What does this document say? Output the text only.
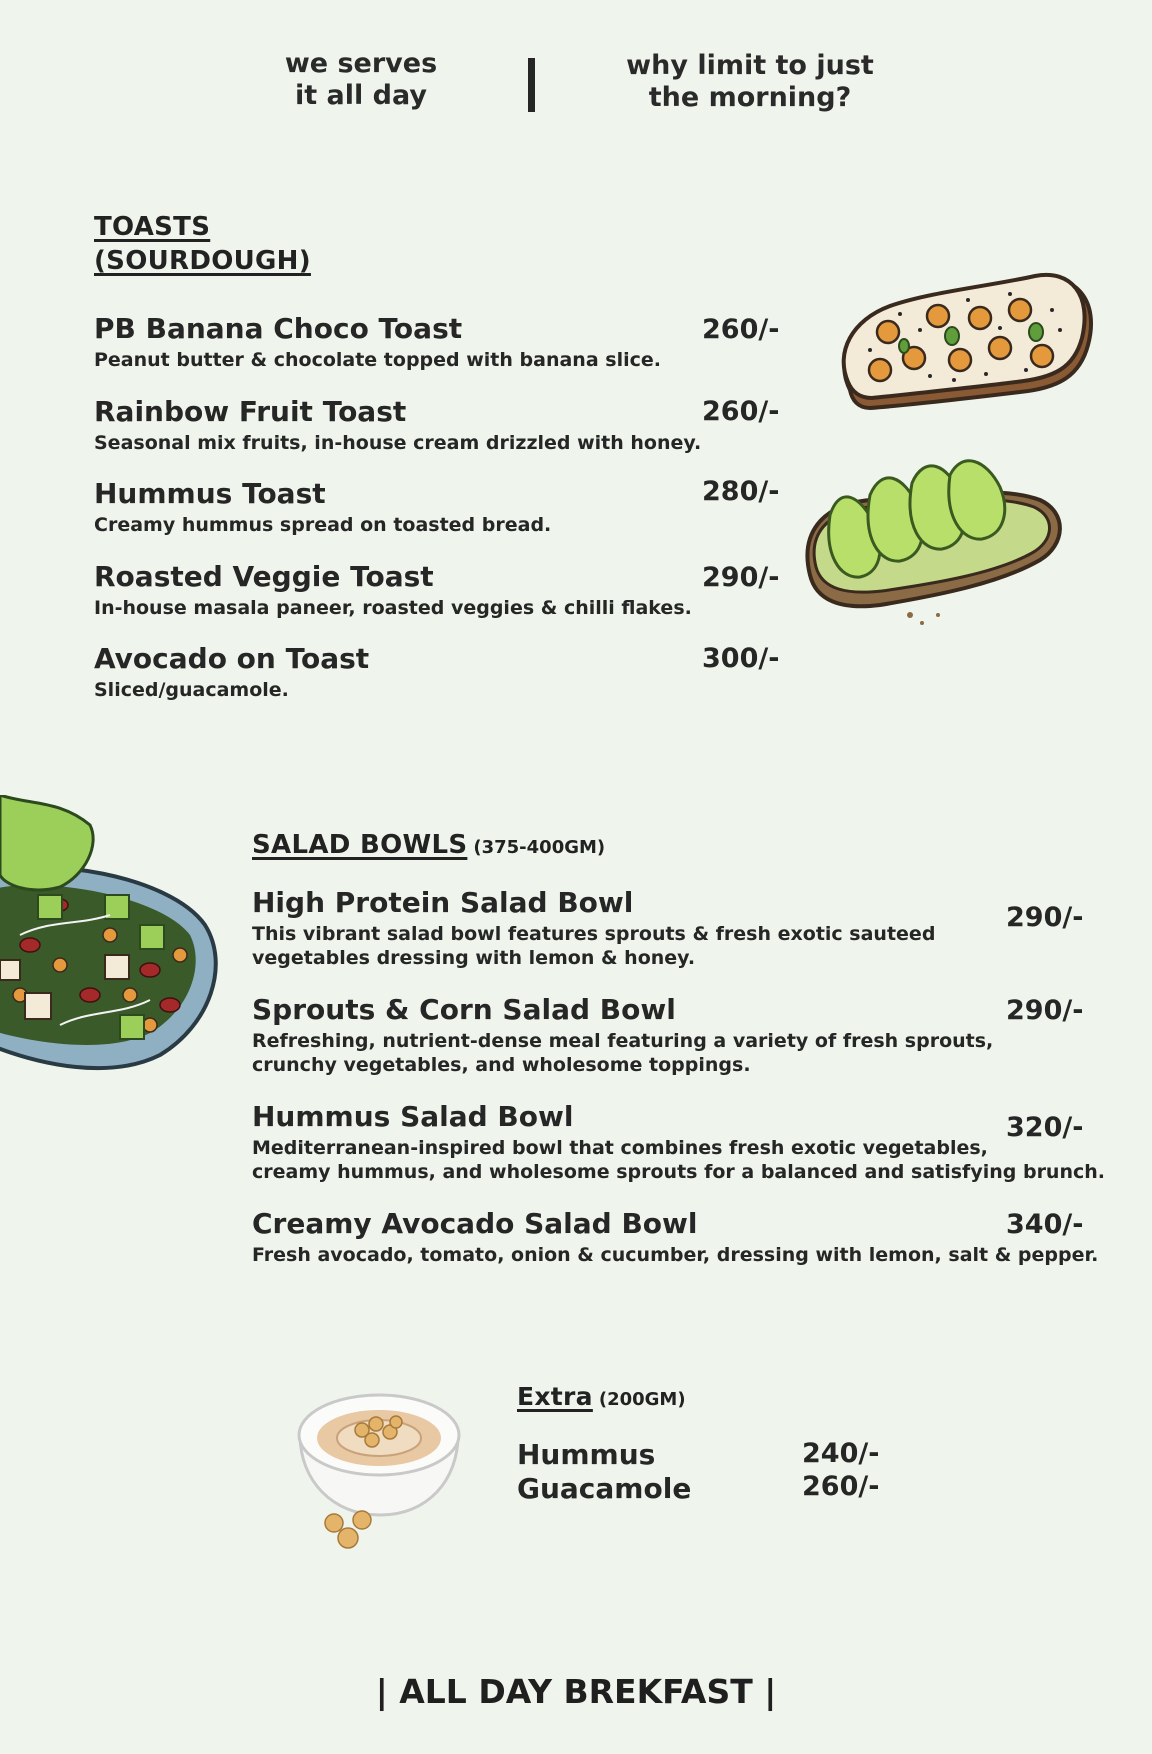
we serves
it all day
why limit to just
the morning?
TOASTS
(SOURDOUGH)
PB Banana Choco Toast
Peanut butter & chocolate topped with banana slice.
260/-
Rainbow Fruit Toast
Seasonal mix fruits, in-house cream drizzled with honey.
260/-
Hummus Toast
Creamy hummus spread on toasted bread.
280/-
Roasted Veggie Toast
In-house masala paneer, roasted veggies & chilli flakes.
290/-
Avocado on Toast
Sliced/guacamole.
300/-
SALAD BOWLS (375-400GM)
High Protein Salad Bowl
This vibrant salad bowl features sprouts & fresh exotic sauteed
vegetables dressing with lemon & honey.
290/-
Sprouts & Corn Salad Bowl
Refreshing, nutrient-dense meal featuring a variety of fresh sprouts,
crunchy vegetables, and wholesome toppings.
290/-
Hummus Salad Bowl
Mediterranean-inspired bowl that combines fresh exotic vegetables,
creamy hummus, and wholesome sprouts for a balanced and satisfying brunch.
320/-
Creamy Avocado Salad Bowl
Fresh avocado, tomato, onion & cucumber, dressing with lemon, salt & pepper.
340/-
Extra (200GM)
Hummus	240/-
Guacamole	260/-
| ALL DAY BREKFAST |
